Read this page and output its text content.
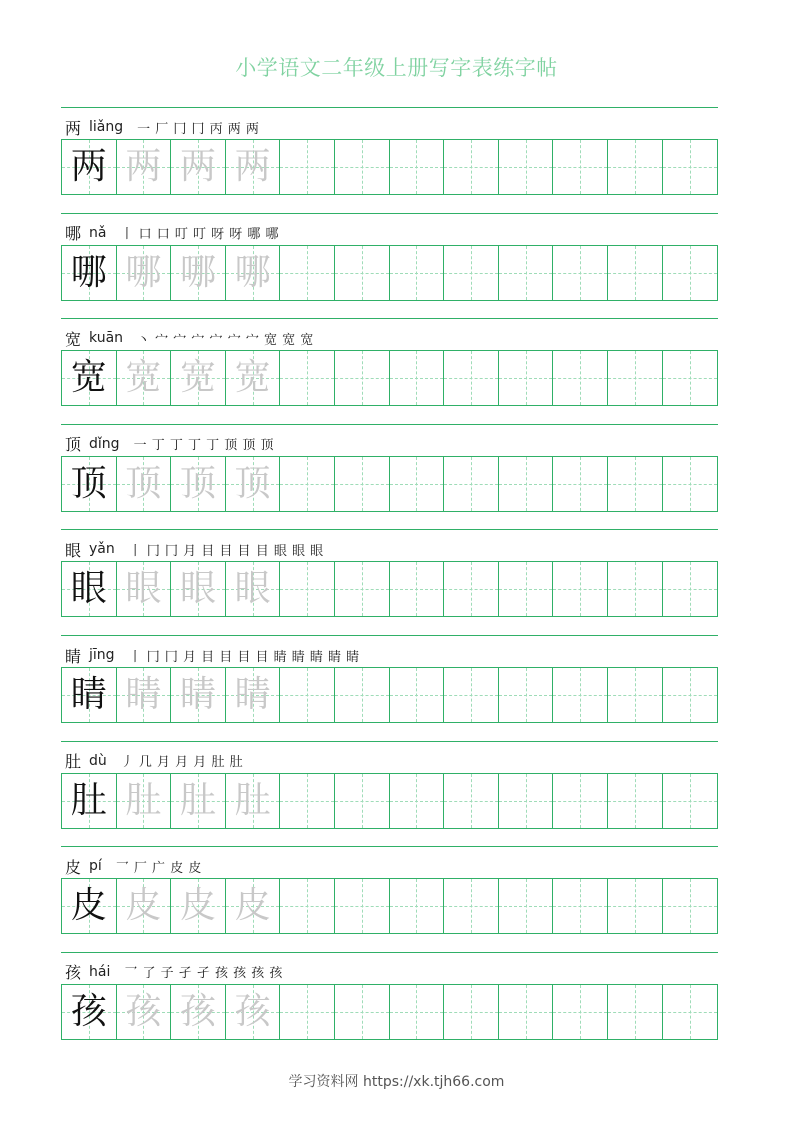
小学语文二年级上册写字表练字帖
两 liǎng 一 厂 冂 冂 丙 两 两
两 两 两 两
哪 nǎ 丨 口 口 叮 叮 呀 呀 哪 哪
哪 哪 哪 哪
宽 kuān 丶 宀 宀 宀 宀 宀 宀 宽 宽 宽
宽 宽 宽 宽
顶 dǐng 一 丁 丁 丁 丁 顶 顶 顶
顶 顶 顶 顶
眼 yǎn 丨 冂 冂 月 目 目 目 目 眼 眼 眼
眼 眼 眼 眼
睛 jīng 丨 冂 冂 月 目 目 目 目 睛 睛 睛 睛 睛
睛 睛 睛 睛
肚 dù 丿 几 月 月 月 肚 肚
肚 肚 肚 肚
皮 pí 乛 厂 广 皮 皮
皮 皮 皮 皮
孩 hái 乛 了 子 孑 孑 孩 孩 孩 孩
孩 孩 孩 孩
学习资料网 https://xk.tjh66.com
